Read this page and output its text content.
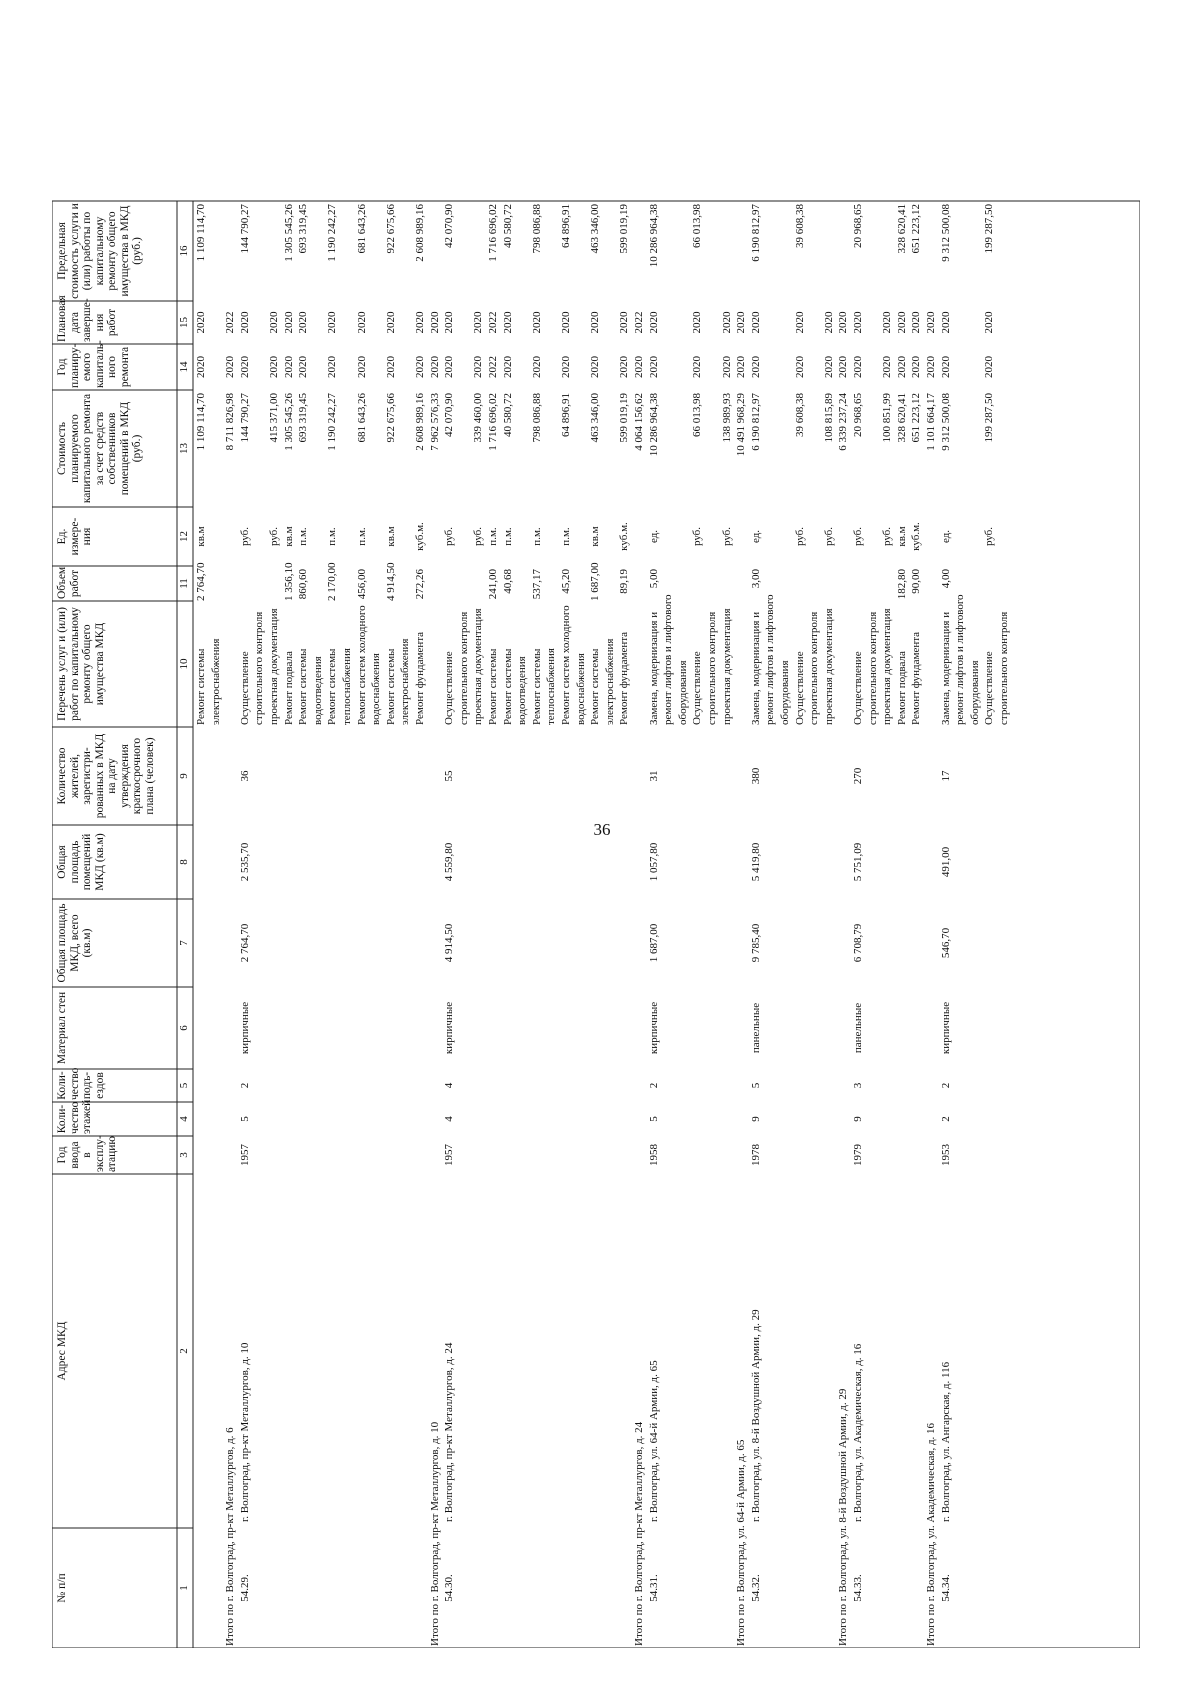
36
№ п/п
Адрес МКД
Год ввода в эксплу-атацию
Коли-чество этажей
Коли-чество подъ-ездов
Материал стен
Общая площадь МКД, всего (кв.м)
Общая площадь помещений МКД (кв.м)
Количество жителей, зарегистри-рованных в МКД на дату утверждения краткосрочного плана (человек)
Перечень услуг и (или) работ по капитальному ремонту общего имущества МКД
Объем работ
Ед. измере-ния
Стоимость планируемого капитального ремонта за счет средств собственников помещений в МКД (руб.)
Год планиру-емого капиталь-ного ремонта
Плановая дата заверше-ния работ
Предельная стоимость услуги и (или) работы по капитальному ремонту общего имущества в МКД (руб.)
1
2
3
4
5
6
7
8
9
10
11
12
13
14
15
16
Ремонт системы
2 764,70
кв.м
1 109 114,70
2020
2020
1 109 114,70
электроснабжения
Итого по г. Волгоград, пр-кт Металлургов, д. 6
8 711 826,98
2020
2022
54.29.
г. Волгоград, пр-кт Металлургов, д. 10
1957
5
2
кирпичные
2 764,70
2 535,70
36
Осуществление
руб.
144 790,27
2020
2020
144 790,27
строительного контроля проектная документация
руб.
415 371,00
2020
2020
Ремонт подвала
1 356,10
кв.м
1 305 545,26
2020
2020
1 305 545,26
Ремонт системы
860,60
п.м.
693 319,45
2020
2020
693 319,45
водоотведения Ремонт системы
2 170,00
п.м.
1 190 242,27
2020
2020
1 190 242,27
теплоснабжения Ремонт систем холодного
456,00
п.м.
681 643,26
2020
2020
681 643,26
водоснабжения Ремонт системы
4 914,50
кв.м
922 675,66
2020
2020
922 675,66
электроснабжения Ремонт фундамента
272,26
куб.м.
2 608 989,16
2020
2020
2 608 989,16
Итого по г. Волгоград, пр-кт Металлургов, д. 10
7 962 576,33
2020
2020
54.30.
г. Волгоград, пр-кт Металлургов, д. 24
1957
4
4
кирпичные
4 914,50
4 559,80
55
Осуществление
руб.
42 070,90
2020
2020
42 070,90
строительного контроля проектная документация
руб.
339 460,00
2020
2020
Ремонт системы
241,00
п.м.
1 716 696,02
2022
2022
1 716 696,02
Ремонт системы
40,68
п.м.
40 580,72
2020
2020
40 580,72
водоотведения Ремонт системы
537,17
п.м.
798 086,88
2020
2020
798 086,88
теплоснабжения Ремонт систем холодного
45,20
п.м.
64 896,91
2020
2020
64 896,91
водоснабжения Ремонт системы
1 687,00
кв.м
463 346,00
2020
2020
463 346,00
электроснабжения Ремонт фундамента
89,19
куб.м.
599 019,19
2020
2020
599 019,19
Итого по г. Волгоград, пр-кт Металлургов, д. 24
4 064 156,62
2020
2022
54.31.
г. Волгоград, ул. 64-й Армии, д. 65
1958
5
2
кирпичные
1 687,00
1 057,80
31
Замена, модернизация и
5,00
ед.
10 286 964,38
2020
2020
10 286 964,38
ремонт лифтов и лифтового оборудования Осуществление
руб.
66 013,98
2020
2020
66 013,98
строительного контроля проектная документация
руб.
138 989,93
2020
2020
Итого по г. Волгоград, ул. 64-й Армии, д. 65
10 491 968,29
2020
2020
54.32.
г. Волгоград, ул. 8-й Воздушной Армии, д. 29
1978
9
5
панельные
9 785,40
5 419,80
380
Замена, модернизация и
3,00
ед.
6 190 812,97
2020
2020
6 190 812,97
ремонт лифтов и лифтового оборудования Осуществление
руб.
39 608,38
2020
2020
39 608,38
строительного контроля проектная документация
руб.
108 815,89
2020
2020
Итого по г. Волгоград, ул. 8-й Воздушной Армии, д. 29
6 339 237,24
2020
2020
54.33.
г. Волгоград, ул. Академическая, д. 16
1979
9
3
панельные
6 708,79
5 751,09
270
Осуществление
руб.
20 968,65
2020
2020
20 968,65
строительного контроля проектная документация
руб.
100 851,99
2020
2020
Ремонт подвала
182,80
кв.м
328 620,41
2020
2020
328 620,41
Ремонт фундамента
90,00
куб.м.
651 223,12
2020
2020
651 223,12
Итого по г. Волгоград, ул. Академическая, д. 16
1 101 664,17
2020
2020
54.34.
г. Волгоград, ул. Ангарская, д. 116
1953
2
2
кирпичные
546,70
491,00
17
Замена, модернизация и
4,00
ед.
9 312 500,08
2020
2020
9 312 500,08
ремонт лифтов и лифтового оборудования Осуществление
руб.
199 287,50
2020
2020
199 287,50
строительного контроля
